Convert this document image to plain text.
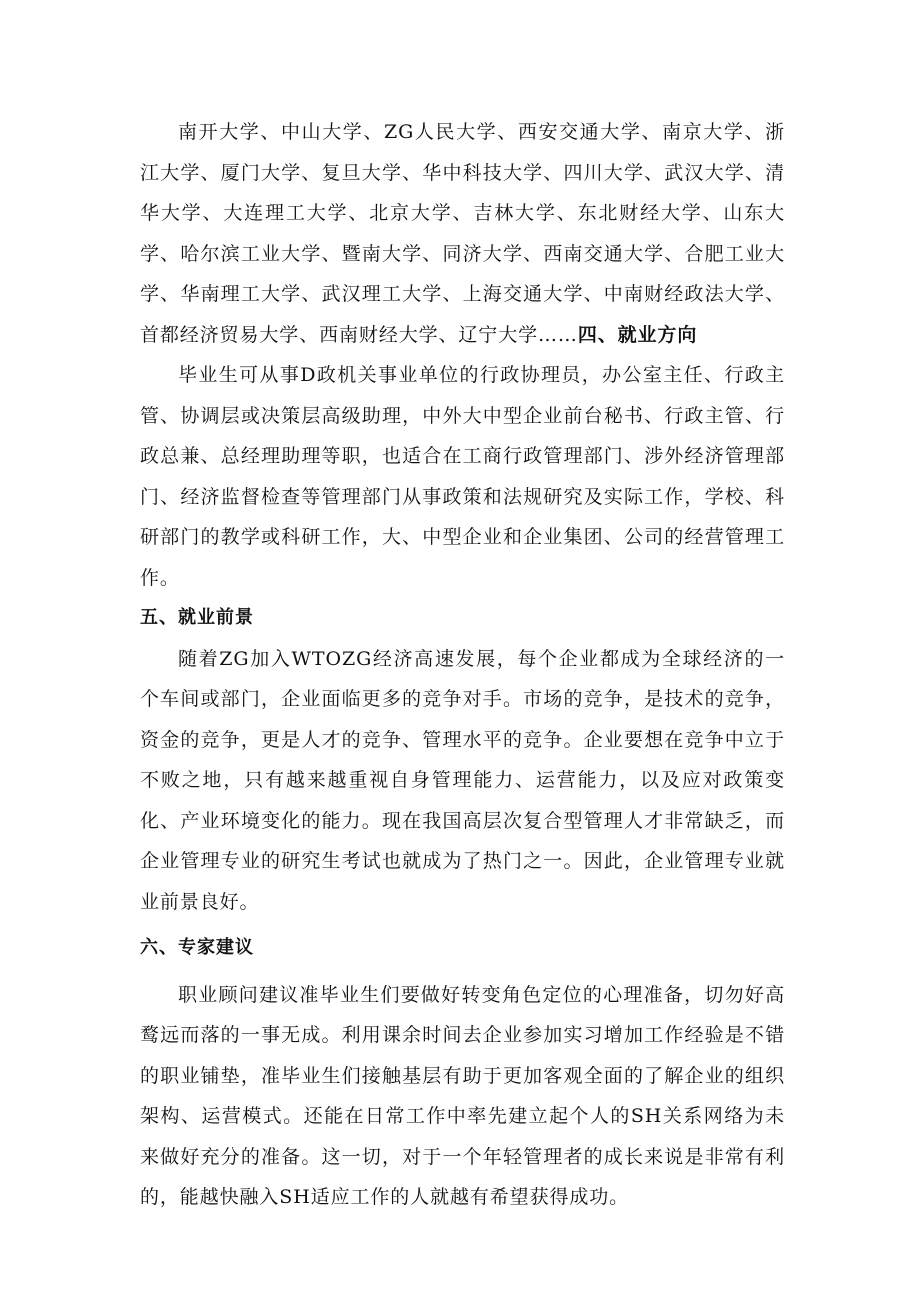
南开大学、中山大学、ZG人民大学、西安交通大学、南京大学、浙江大学、厦门大学、复旦大学、华中科技大学、四川大学、武汉大学、清华大学、大连理工大学、北京大学、吉林大学、东北财经大学、山东大学、哈尔滨工业大学、暨南大学、同济大学、西南交通大学、合肥工业大学、华南理工大学、武汉理工大学、上海交通大学、中南财经政法大学、首都经济贸易大学、西南财经大学、辽宁大学……四、就业方向

毕业生可从事D政机关事业单位的行政协理员，办公室主任、行政主管、协调层或决策层高级助理，中外大中型企业前台秘书、行政主管、行政总兼、总经理助理等职，也适合在工商行政管理部门、涉外经济管理部门、经济监督检查等管理部门从事政策和法规研究及实际工作，学校、科研部门的教学或科研工作，大、中型企业和企业集团、公司的经营管理工作。

五、就业前景

随着ZG加入WTOZG经济高速发展，每个企业都成为全球经济的一个车间或部门，企业面临更多的竞争对手。市场的竞争，是技术的竞争，资金的竞争，更是人才的竞争、管理水平的竞争。企业要想在竞争中立于不败之地，只有越来越重视自身管理能力、运营能力，以及应对政策变化、产业环境变化的能力。现在我国高层次复合型管理人才非常缺乏，而企业管理专业的研究生考试也就成为了热门之一。因此，企业管理专业就业前景良好。

六、专家建议

职业顾问建议准毕业生们要做好转变角色定位的心理准备，切勿好高鹜远而落的一事无成。利用课余时间去企业参加实习增加工作经验是不错的职业铺垫，准毕业生们接触基层有助于更加客观全面的了解企业的组织架构、运营模式。还能在日常工作中率先建立起个人的SH关系网络为未来做好充分的准备。这一切，对于一个年轻管理者的成长来说是非常有利的，能越快融入SH适应工作的人就越有希望获得成功。
